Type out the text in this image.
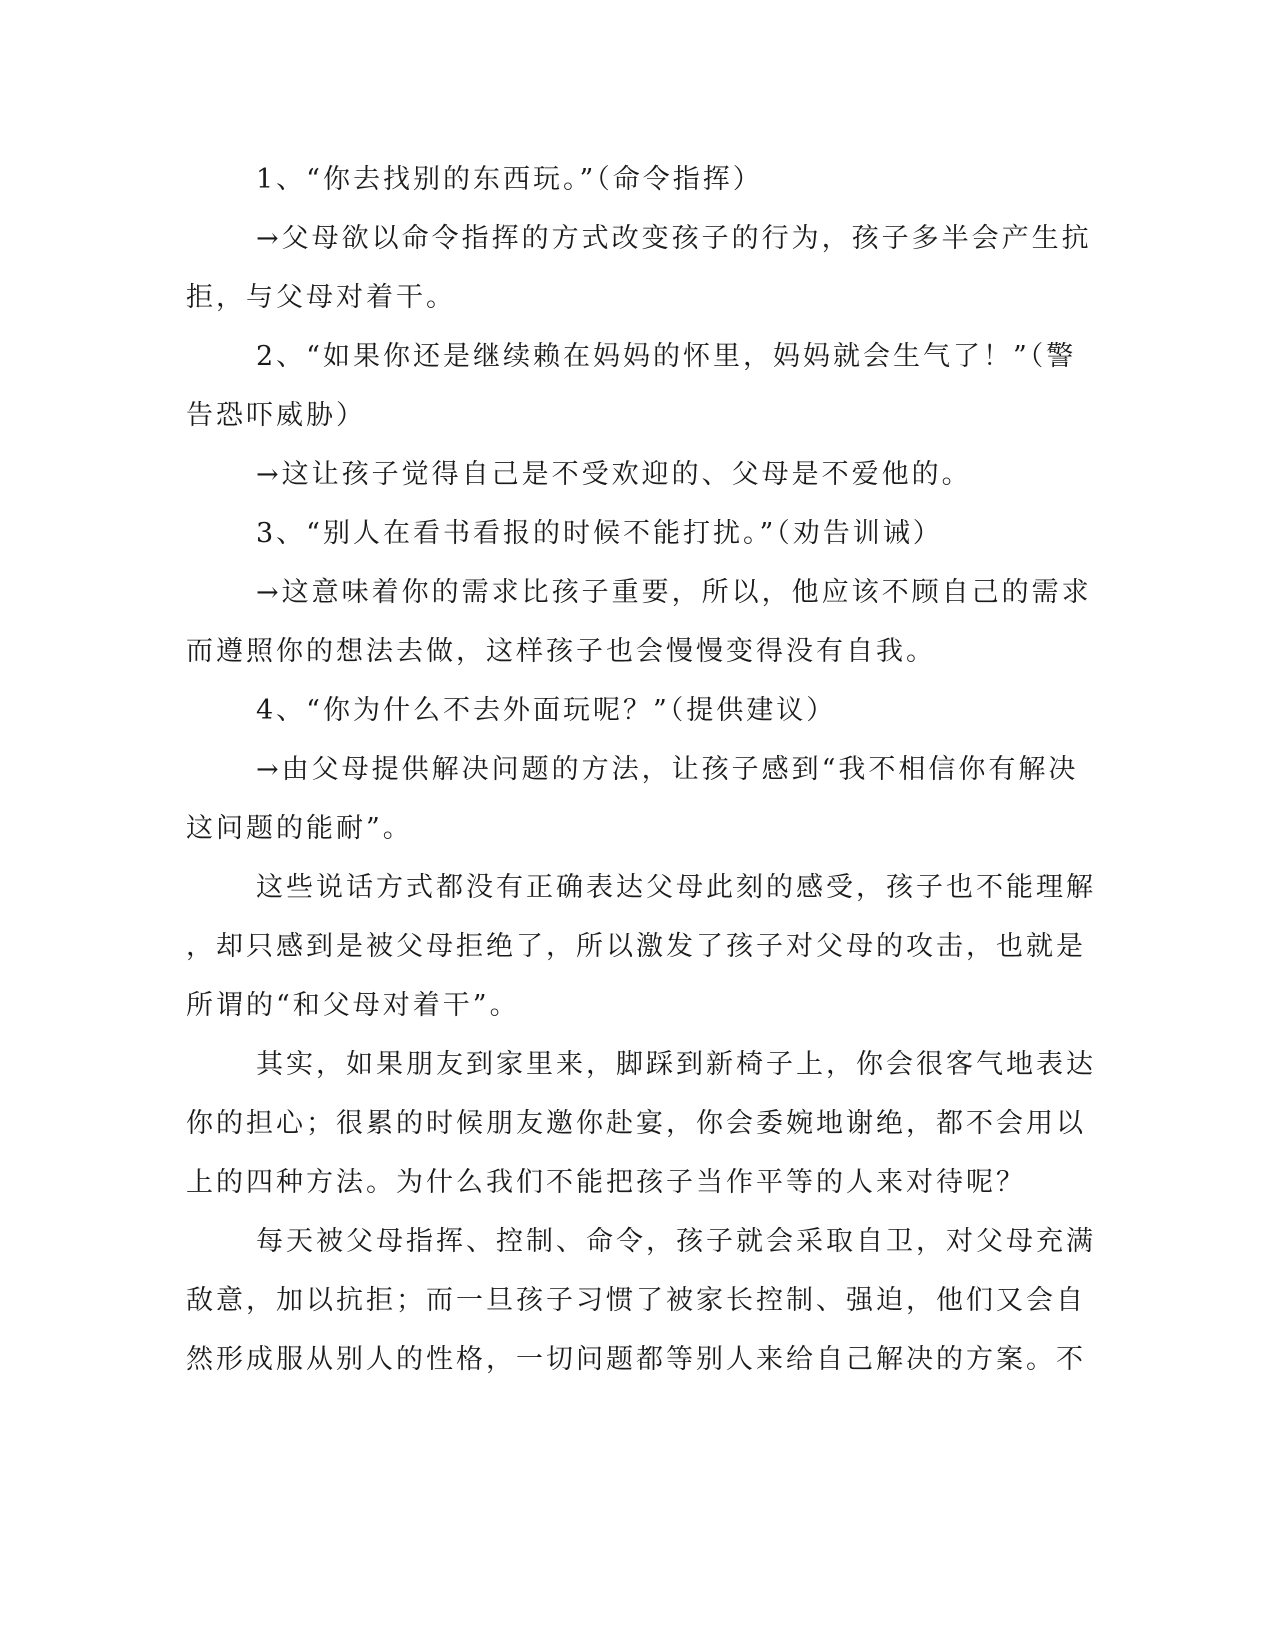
1、“你去找别的东西玩。”（命令指挥）
→父母欲以命令指挥的方式改变孩子的行为，孩子多半会产生抗
拒，与父母对着干。
2、“如果你还是继续赖在妈妈的怀里，妈妈就会生气了！”（警
告恐吓威胁）
→这让孩子觉得自己是不受欢迎的、父母是不爱他的。
3、“别人在看书看报的时候不能打扰。”（劝告训诫）
→这意味着你的需求比孩子重要，所以，他应该不顾自己的需求
而遵照你的想法去做，这样孩子也会慢慢变得没有自我。
4、“你为什么不去外面玩呢？”（提供建议）
→由父母提供解决问题的方法，让孩子感到“我不相信你有解决
这问题的能耐”。
这些说话方式都没有正确表达父母此刻的感受，孩子也不能理解
，却只感到是被父母拒绝了，所以激发了孩子对父母的攻击，也就是
所谓的“和父母对着干”。
其实，如果朋友到家里来，脚踩到新椅子上，你会很客气地表达
你的担心；很累的时候朋友邀你赴宴，你会委婉地谢绝，都不会用以
上的四种方法。为什么我们不能把孩子当作平等的人来对待呢？
每天被父母指挥、控制、命令，孩子就会采取自卫，对父母充满
敌意，加以抗拒；而一旦孩子习惯了被家长控制、强迫，他们又会自
然形成服从别人的性格，一切问题都等别人来给自己解决的方案。不
